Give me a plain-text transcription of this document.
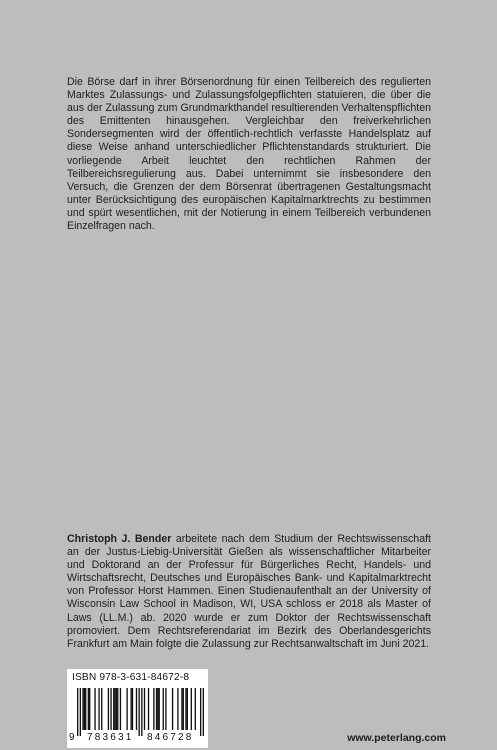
Die Börse darf in ihrer Börsenordnung für einen Teilbereich des regulierten Marktes Zulassungs- und Zulassungsfolgepflichten statuieren, die über die aus der Zulassung zum Grundmarkthandel resultierenden Verhaltenspflichten des Emittenten hinausgehen. Vergleichbar den freiverkehrlichen Sondersegmenten wird der öffentlich-rechtlich verfasste Handelsplatz auf diese Weise anhand unterschiedlicher Pflichtenstandards strukturiert. Die vorliegende Arbeit leuchtet den rechtlichen Rahmen der Teilbereichsregulierung aus. Dabei unternimmt sie insbesondere den Versuch, die Grenzen der dem Börsenrat übertragenen Gestaltungsmacht unter Berücksichtigung des europäischen Kapitalmarktrechts zu bestimmen und spürt wesentlichen, mit der Notierung in einem Teilbereich verbundenen Einzelfragen nach.

Christoph J. Bender arbeitete nach dem Studium der Rechtswissenschaft an der Justus-Liebig-Universität Gießen als wissenschaftlicher Mitarbeiter und Doktorand an der Professur für Bürgerliches Recht, Handels- und Wirtschaftsrecht, Deutsches und Europäisches Bank- und Kapitalmarktrecht von Professor Horst Hammen. Einen Studienaufenthalt an der University of Wisconsin Law School in Madison, WI, USA schloss er 2018 als Master of Laws (LL.M.) ab. 2020 wurde er zum Doktor der Rechtswissenschaft promoviert. Dem Rechtsreferendariat im Bezirk des Oberlandesgerichts Frankfurt am Main folgte die Zulassung zur Rechtsanwaltschaft im Juni 2021.

ISBN 978-3-631-84672-8
9 783631 846728	www.peterlang.com
